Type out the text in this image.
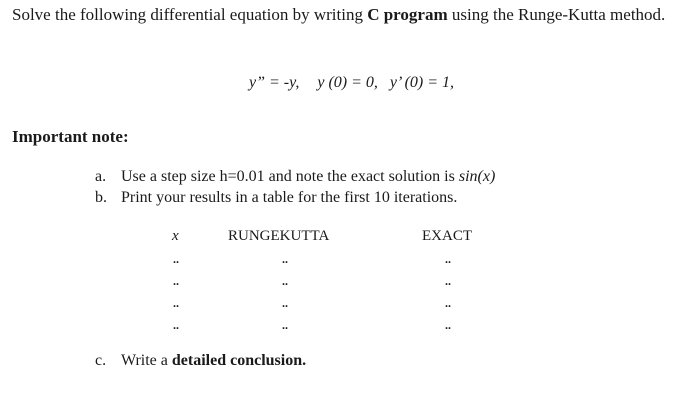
Solve the following differential equation by writing C program using the Runge-Kutta method.
y” = -y, y (0) = 0, y’ (0) = 1,
Important note:
a. Use a step size h=0.01 and note the exact solution is sin(x)
b. Print your results in a table for the first 10 iterations.
x	RUNGEKUTTA	EXACT
..
..
..
..
..
..
..
..
..
..
..
..
c. Write a detailed conclusion.
